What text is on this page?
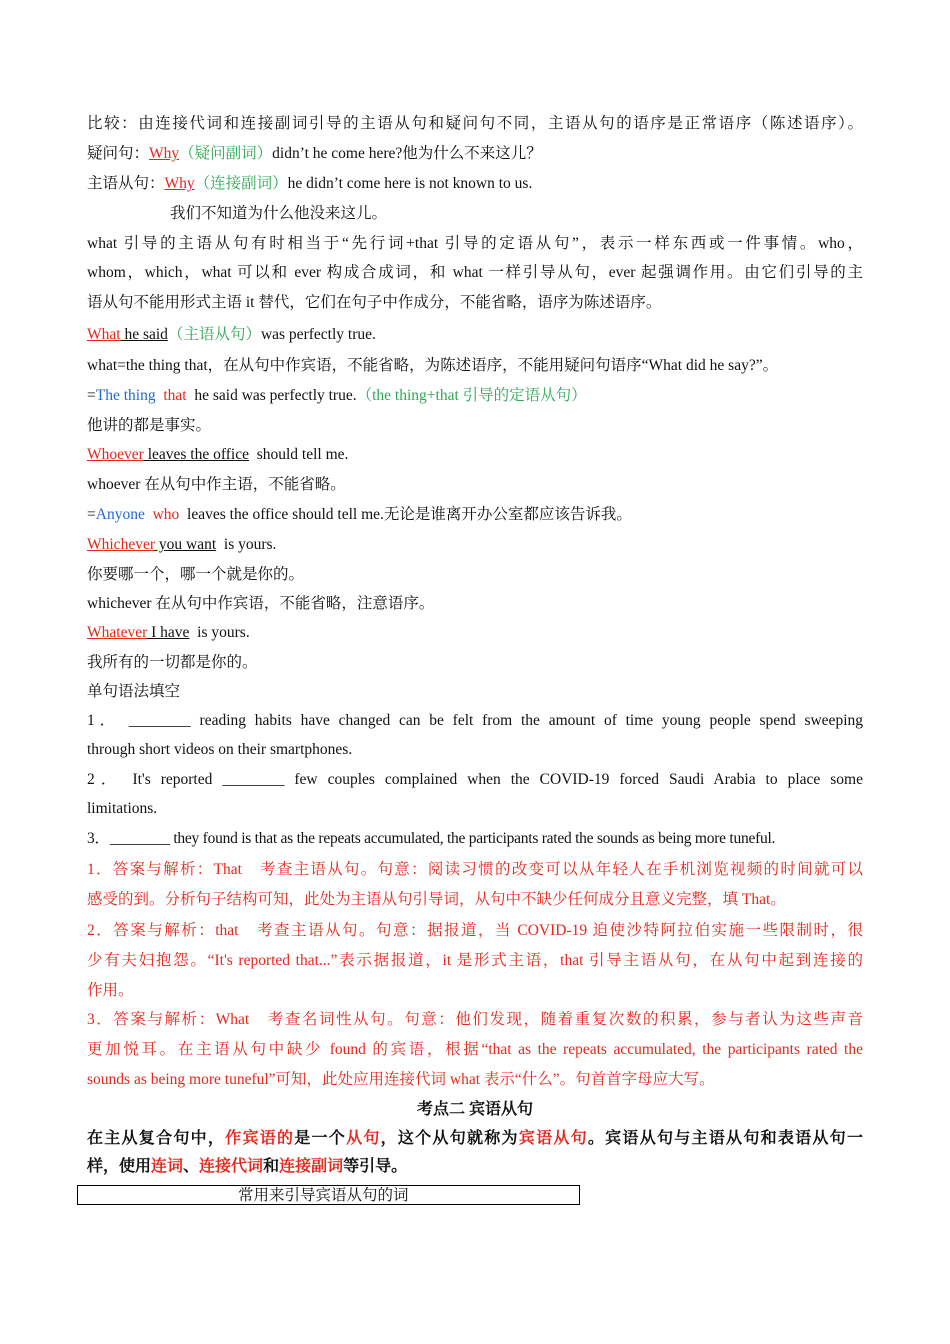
比较：由连接代词和连接副词引导的主语从句和疑问句不同，主语从句的语序是正常语序（陈述语序）。
疑问句：Why（疑问副词）didn’t he come here?他为什么不来这儿？
主语从句：Why（连接副词）he didn’t come here is not known to us.
我们不知道为什么他没来这儿。
what 引导的主语从句有时相当于“先行词+that 引导的定语从句”，表示一样东西或一件事情。who，
whom，which，what 可以和 ever 构成合成词，和 what 一样引导从句，ever 起强调作用。由它们引导的主
语从句不能用形式主语 it 替代，它们在句子中作成分，不能省略，语序为陈述语序。
What he said（主语从句）was perfectly true.
what=the thing that，在从句中作宾语，不能省略，为陈述语序，不能用疑问句语序“What did he say?”。
=The thing that he said was perfectly true.（the thing+that 引导的定语从句）
他讲的都是事实。
Whoever leaves the office should tell me.
whoever 在从句中作主语，不能省略。
=Anyone who leaves the office should tell me.无论是谁离开办公室都应该告诉我。
Whichever you want is yours.
你要哪一个，哪一个就是你的。
whichever 在从句中作宾语，不能省略，注意语序。
Whatever I have is yours.
我所有的一切都是你的。
单句语法填空
1． ________ reading habits have changed can be felt from the amount of time young people spend sweeping
through short videos on their smartphones.
2． It's reported ________ few couples complained when the COVID-19 forced Saudi Arabia to place some
limitations.
3．________ they found is that as the repeats accumulated, the participants rated the sounds as being more tuneful.
1．答案与解析：That　考查主语从句。句意：阅读习惯的改变可以从年轻人在手机浏览视频的时间就可以
感受的到。分析句子结构可知，此处为主语从句引导词，从句中不缺少任何成分且意义完整，填 That。
2．答案与解析：that　考查主语从句。句意：据报道，当 COVID-19 迫使沙特阿拉伯实施一些限制时，很
少有夫妇抱怨。“It's reported that...”表示据报道，it 是形式主语，that 引导主语从句，在从句中起到连接的
作用。
3．答案与解析：What　考查名词性从句。句意：他们发现，随着重复次数的积累，参与者认为这些声音
更加悦耳。在主语从句中缺少 found 的宾语，根据“that as the repeats accumulated, the participants rated the
sounds as being more tuneful”可知，此处应用连接代词 what 表示“什么”。句首首字母应大写。
考点二 宾语从句
在主从复合句中，作宾语的是一个从句，这个从句就称为宾语从句。宾语从句与主语从句和表语从句一
样，使用连词、连接代词和连接副词等引导。
常用来引导宾语从句的词
